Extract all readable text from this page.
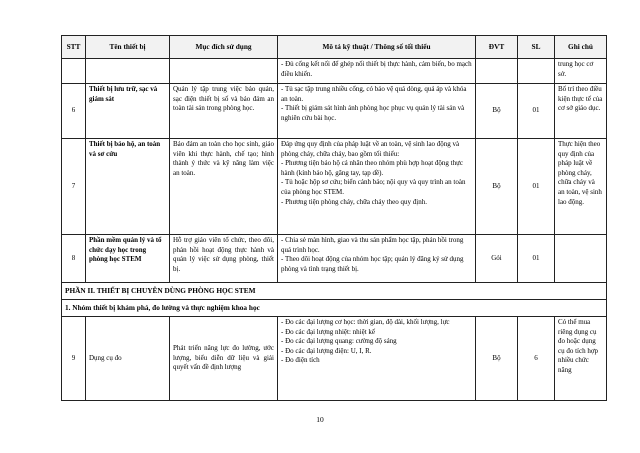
STT	Tên thiết bị	Mục đích sử dụng	Mô tả kỹ thuật / Thông số tối thiểu	ĐVT	SL	Ghi chú

			- Đủ cổng kết nối để ghép nối thiết bị thực hành, cảm biến, bo mạch điều khiển.			trung học cơ sở.
6	Thiết bị lưu trữ, sạc và giám sát	Quản lý tập trung việc bảo quản, sạc điện thiết bị số và bảo đảm an toàn tài sản trong phòng học.	- Tủ sạc tập trung nhiều cổng, có bảo vệ quá dòng, quá áp và khóa an toàn.
- Thiết bị giám sát hình ảnh phòng học phục vụ quản lý tài sản và nghiên cứu bài học.	Bộ	01	Bố trí theo điều kiện thực tế của cơ sở giáo dục.
7	Thiết bị bảo hộ, an toàn và sơ cứu	Bảo đảm an toàn cho học sinh, giáo viên khi thực hành, chế tạo; hình thành ý thức và kỹ năng làm việc an toàn.	Đáp ứng quy định của pháp luật về an toàn, vệ sinh lao động và phòng cháy, chữa cháy, bao gồm tối thiểu:
- Phương tiện bảo hộ cá nhân theo nhóm phù hợp hoạt động thực hành (kính bảo hộ, găng tay, tạp dề).
- Tủ hoặc hộp sơ cứu; biển cảnh báo; nội quy và quy trình an toàn của phòng học STEM.
- Phương tiện phòng cháy, chữa cháy theo quy định.	Bộ	01	Thực hiện theo quy định của pháp luật về phòng cháy, chữa cháy và an toàn, vệ sinh lao động.
8	Phần mềm quản lý và tổ chức dạy học trong phòng học STEM	Hỗ trợ giáo viên tổ chức, theo dõi, phản hồi hoạt động thực hành và quản lý việc sử dụng phòng, thiết bị.	- Chia sẻ màn hình, giao và thu sản phẩm học tập, phản hồi trong quá trình học.
- Theo dõi hoạt động của nhóm học tập; quản lý đăng ký sử dụng phòng và tình trạng thiết bị.	Gói	01	
PHẦN II. THIẾT BỊ CHUYÊN DÙNG PHÒNG HỌC STEM						
1. Nhóm thiết bị khám phá, đo lường và thực nghiệm khoa học						
9	Dụng cụ đo	Phát triển năng lực đo lường, ước lượng, biểu diễn dữ liệu và giải quyết vấn đề định lượng	- Đo các đại lượng cơ học: thời gian, độ dài, khối lượng, lực
- Đo các đại lượng nhiệt: nhiệt kế
- Đo các đại lượng quang: cường độ sáng
- Đo các đại lượng điện: U, I, R.
- Đo điện tích	Bộ	6	Có thể mua riêng dụng cụ đo hoặc dụng cụ đo tích hợp nhiều chức năng
10
